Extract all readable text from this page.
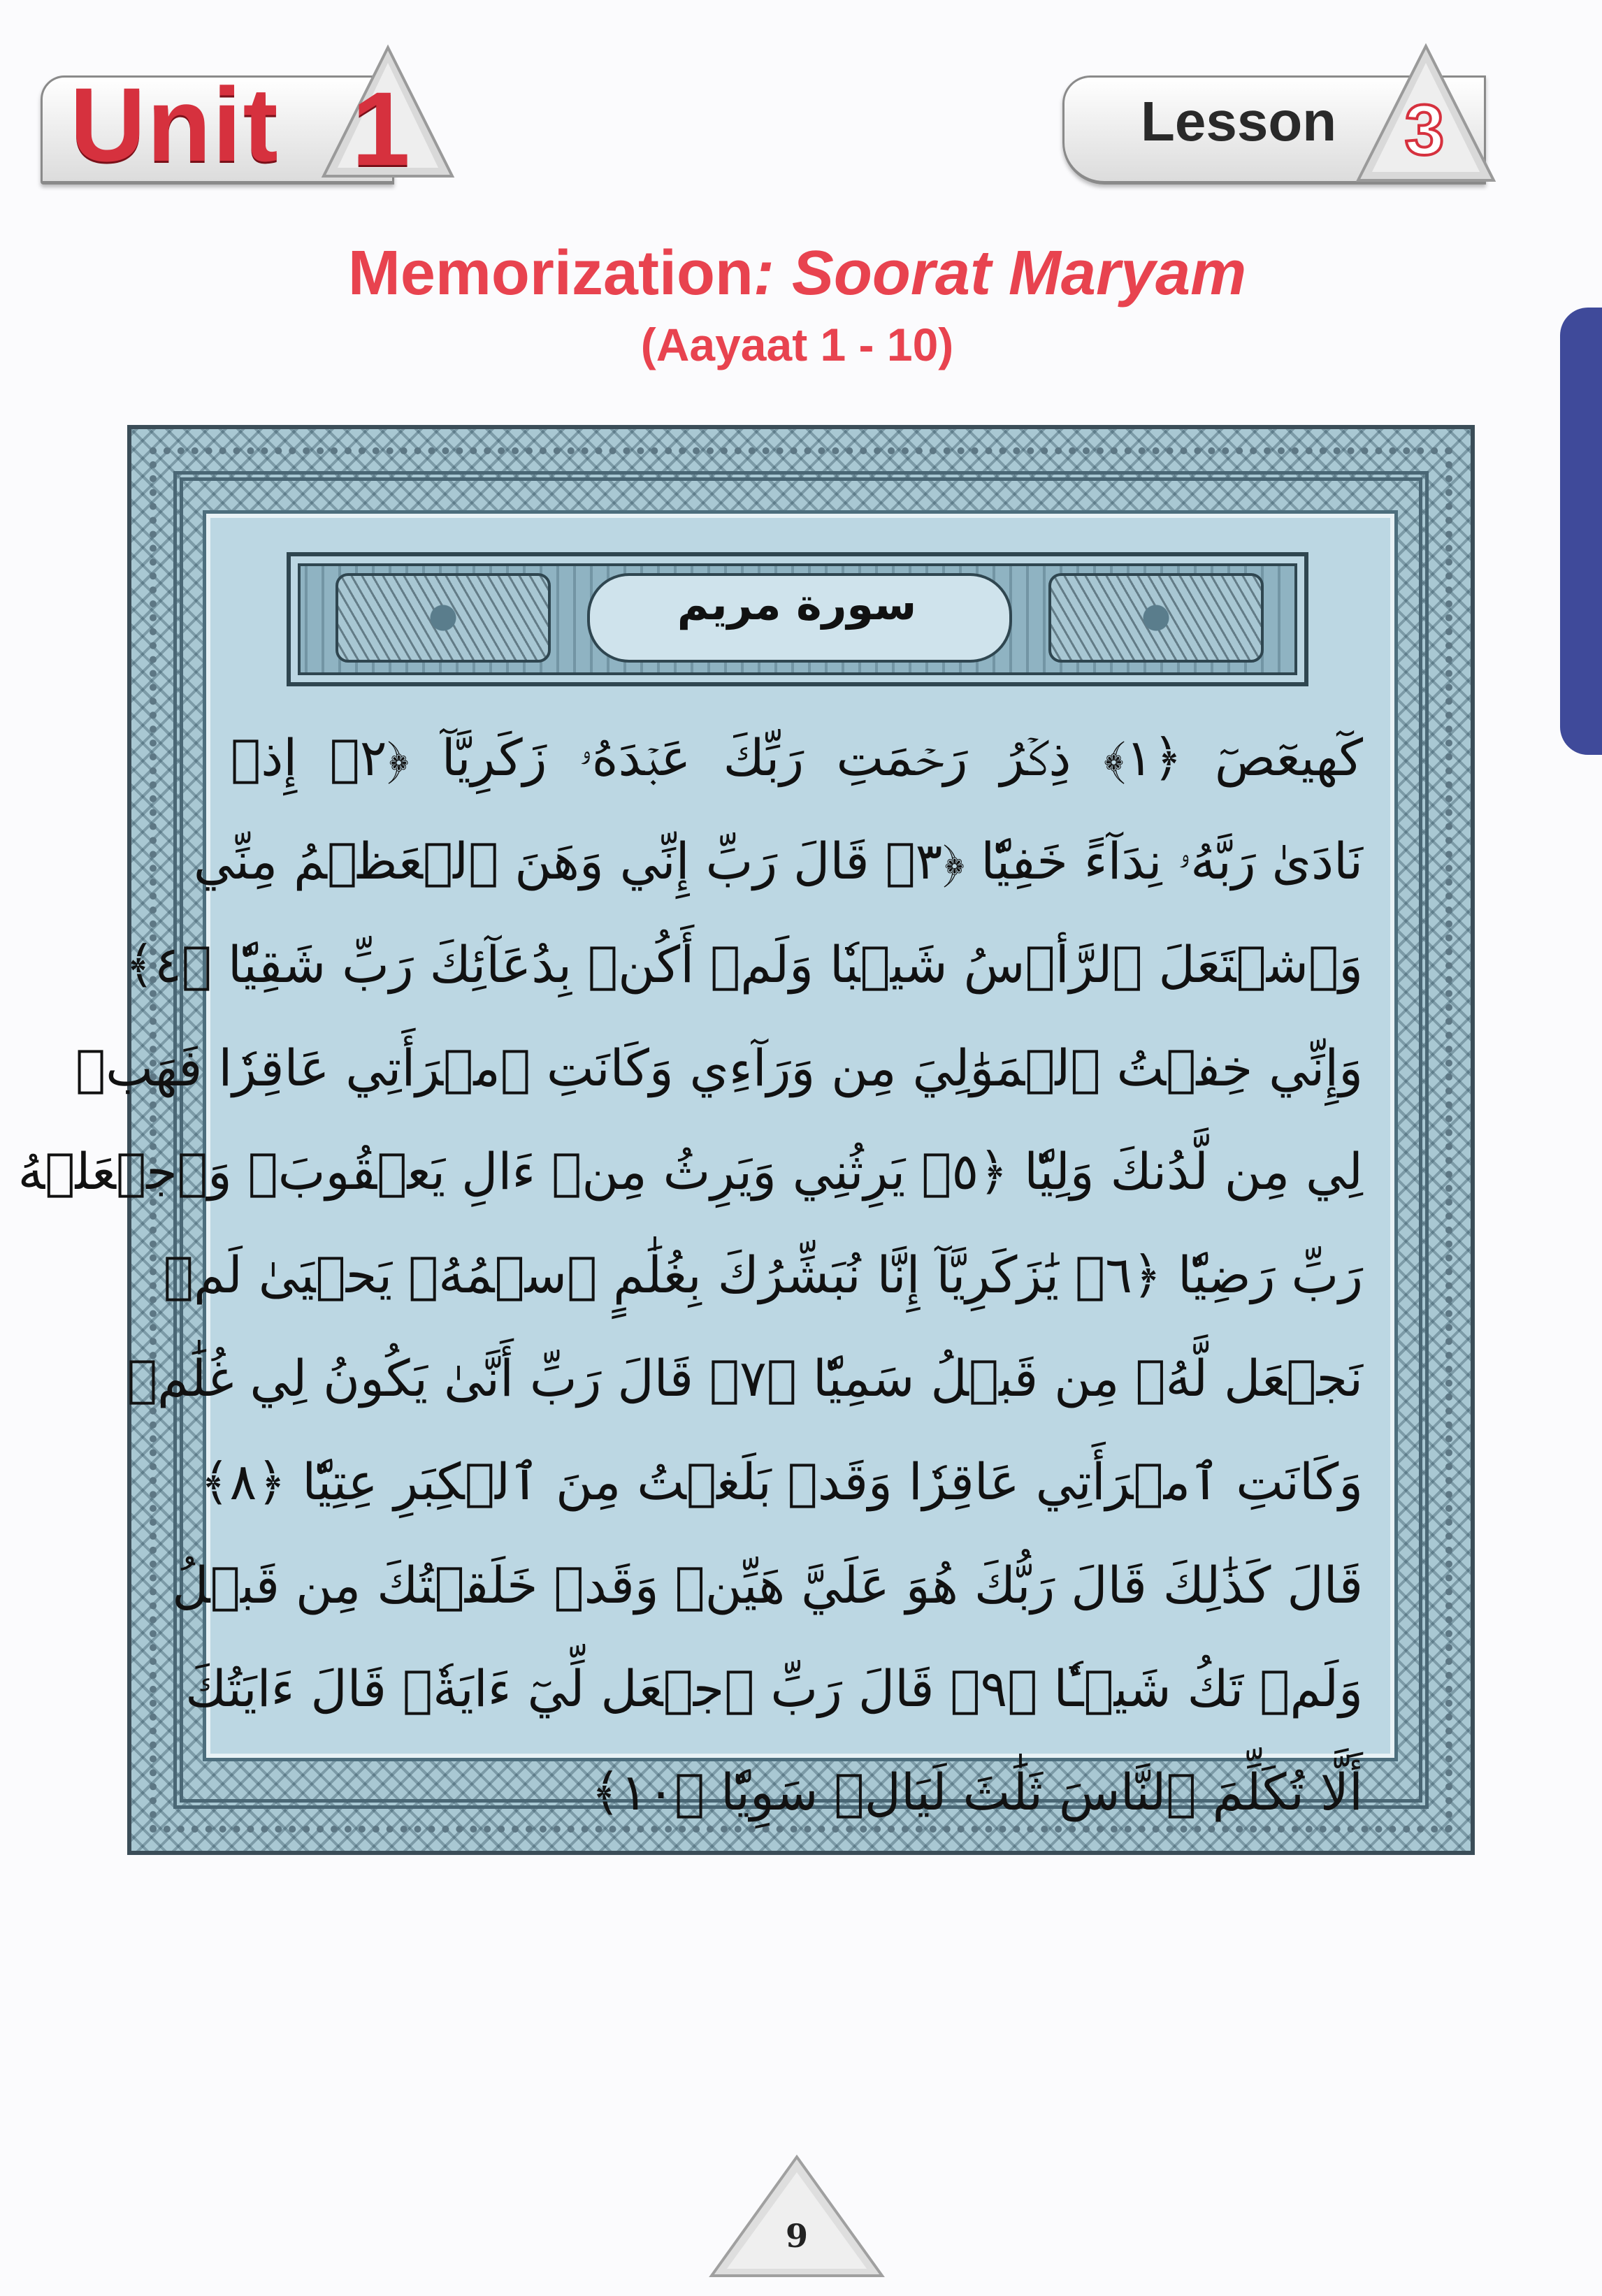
Unit 1	Lesson 3
Memorization: Soorat Maryam
(Aayaat 1 - 10)
سورة مريم
كٓهيعٓصٓ ﴿١﴾ ذِكۡرُ رَحۡمَتِ رَبِّكَ عَبۡدَهُۥ زَكَرِيَّآ ﴿٢﴾ إِذۡ
نَادَىٰ رَبَّهُۥ نِدَآءً خَفِيّٗا ﴿٣﴾ قَالَ رَبِّ إِنِّي وَهَنَ ٱلۡعَظۡمُ مِنِّي
وَٱشۡتَعَلَ ٱلرَّأۡسُ شَيۡبٗا وَلَمۡ أَكُنۢ بِدُعَآئِكَ رَبِّ شَقِيّٗا ﴿٤﴾
وَإِنِّي خِفۡتُ ٱلۡمَوَٰلِيَ مِن وَرَآءِي وَكَانَتِ ٱمۡرَأَتِي عَاقِرٗا فَهَبۡ
لِي مِن لَّدُنكَ وَلِيّٗا ﴿٥﴾ يَرِثُنِي وَيَرِثُ مِنۡ ءَالِ يَعۡقُوبَۖ وَٱجۡعَلۡهُ
رَبِّ رَضِيّٗا ﴿٦﴾ يَٰزَكَرِيَّآ إِنَّا نُبَشِّرُكَ بِغُلَٰمٍ ٱسۡمُهُۥ يَحۡيَىٰ لَمۡ
نَجۡعَل لَّهُۥ مِن قَبۡلُ سَمِيّٗا ﴿٧﴾ قَالَ رَبِّ أَنَّىٰ يَكُونُ لِي غُلَٰمٞ
وَكَانَتِ ٱمۡرَأَتِي عَاقِرٗا وَقَدۡ بَلَغۡتُ مِنَ ٱلۡكِبَرِ عِتِيّٗا ﴿٨﴾
قَالَ كَذَٰلِكَ قَالَ رَبُّكَ هُوَ عَلَيَّ هَيِّنٞ وَقَدۡ خَلَقۡتُكَ مِن قَبۡلُ
وَلَمۡ تَكُ شَيۡـٔٗا ﴿٩﴾ قَالَ رَبِّ ٱجۡعَل لِّيٓ ءَايَةٗۖ قَالَ ءَايَتُكَ
أَلَّا تُكَلِّمَ ٱلنَّاسَ ثَلَٰثَ لَيَالٖ سَوِيّٗا ﴿١٠﴾
9
